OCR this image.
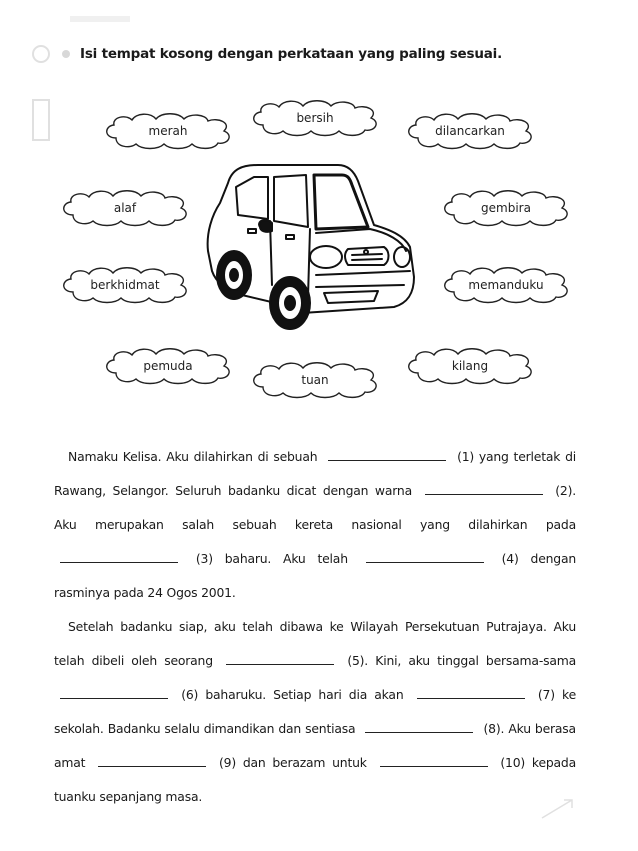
Isi tempat kosong dengan perkataan yang paling sesuai.
merah
bersih
dilancarkan
alaf	gembira
berkhidmat	memanduku
pemuda
tuan
kilang

Namaku Kelisa. Aku dilahirkan di sebuah	(1) yang terletak di Rawang, Selangor. Seluruh badanku dicat dengan warna	(2). Aku merupakan salah sebuah kereta nasional yang dilahirkan pada  (3) baharu. Aku telah	(4) dengan rasminya pada 24 Ogos 2001.

Setelah badanku siap, aku telah dibawa ke Wilayah Persekutuan Putrajaya. Aku telah dibeli oleh seorang	(5). Kini, aku tinggal bersama-sama  (6) baharuku. Setiap hari dia akan	(7) ke sekolah. Badanku selalu dimandikan dan sentiasa	(8). Aku berasa amat	(9) dan berazam untuk	(10) kepada tuanku sepanjang masa.
